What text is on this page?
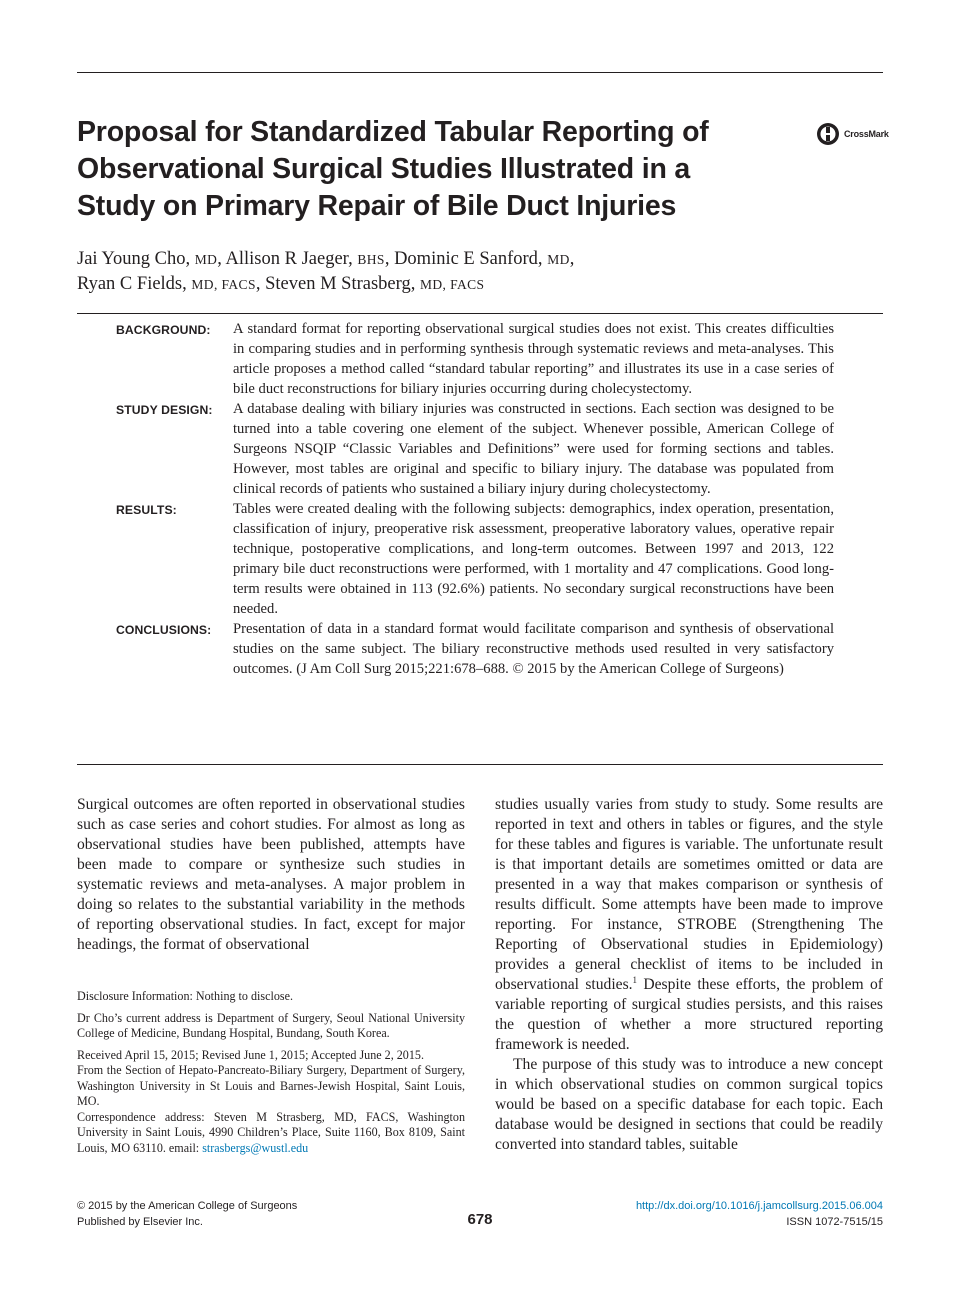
Proposal for Standardized Tabular Reporting of
Observational Surgical Studies Illustrated in a
Study on Primary Repair of Bile Duct Injuries
CrossMark

Jai Young Cho, MD, Allison R Jaeger, BHS, Dominic E Sanford, MD,
Ryan C Fields, MD, FACS, Steven M Strasberg, MD, FACS

BACKGROUND:	A standard format for reporting observational surgical studies does not exist. This creates difficulties in comparing studies and in performing synthesis through systematic reviews and meta-analyses. This article proposes a method called “standard tabular reporting” and illustrates its use in a case series of bile duct reconstructions for biliary injuries occurring during cholecystectomy.

STUDY DESIGN:	A database dealing with biliary injuries was constructed in sections. Each section was designed to be turned into a table covering one element of the subject. Whenever possible, American College of Surgeons NSQIP “Classic Variables and Definitions” were used for forming sections and tables. However, most tables are original and specific to biliary injury. The database was populated from clinical records of patients who sustained a biliary injury during cholecystectomy.

RESULTS:	Tables were created dealing with the following subjects: demographics, index operation, presentation, classification of injury, preoperative risk assessment, preoperative laboratory values, operative repair technique, postoperative complications, and long-term outcomes. Between 1997 and 2013, 122 primary bile duct reconstructions were performed, with 1 mortality and 47 complications. Good long-term results were obtained in 113 (92.6%) patients. No secondary surgical reconstructions have been needed.

CONCLUSIONS:	Presentation of data in a standard format would facilitate comparison and synthesis of observational studies on the same subject. The biliary reconstructive methods used resulted in very satisfactory outcomes. (J Am Coll Surg 2015;221:678–688. © 2015 by the American College of Surgeons)

Surgical outcomes are often reported in observational studies such as case series and cohort studies. For almost as long as observational studies have been published, attempts have been made to compare or synthesize such studies in systematic reviews and meta-analyses. A major problem in doing so relates to the substantial variability in the methods of reporting observational studies. In fact, except for major headings, the format of observational

Disclosure Information: Nothing to disclose.

Dr Cho’s current address is Department of Surgery, Seoul National University College of Medicine, Bundang Hospital, Bundang, South Korea.

Received April 15, 2015; Revised June 1, 2015; Accepted June 2, 2015.

From the Section of Hepato-Pancreato-Biliary Surgery, Department of Surgery, Washington University in St Louis and Barnes-Jewish Hospital, Saint Louis, MO.

Correspondence address: Steven M Strasberg, MD, FACS, Washington University in Saint Louis, 4990 Children’s Place, Suite 1160, Box 8109, Saint Louis, MO 63110. email: strasbergs@wustl.edu

studies usually varies from study to study. Some results are reported in text and others in tables or figures, and the style for these tables and figures is variable. The unfortunate result is that important details are sometimes omitted or data are presented in a way that makes comparison or synthesis of results difficult. Some attempts have been made to improve reporting. For instance, STROBE (Strengthening The Reporting of Observational studies in Epidemiology) provides a general checklist of items to be included in observational studies.$^1$ Despite these efforts, the problem of variable reporting of surgical studies persists, and this raises the question of whether a more structured reporting framework is needed.

The purpose of this study was to introduce a new concept in which observational studies on common surgical topics would be based on a specific database for each topic. Each database would be designed in sections that could be readily converted into standard tables, suitable

© 2015 by the American College of Surgeons
Published by Elsevier Inc.	678
http://dx.doi.org/10.1016/j.jamcollsurg.2015.06.004
ISSN 1072-7515/15
